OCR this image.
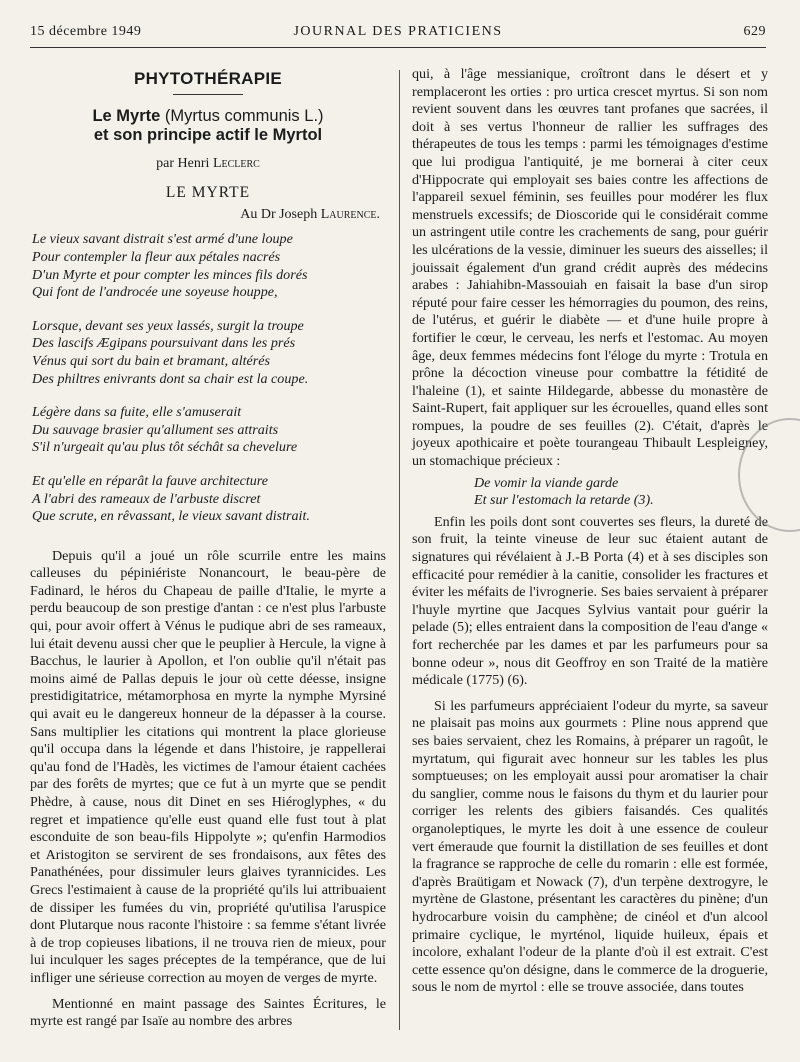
15 décembre 1949	JOURNAL DES PRATICIENS	629
PHYTOTHÉRAPIE
Le Myrte (Myrtus communis L.)
et son principe actif le Myrtol
par Henri Leclerc
LE MYRTE
Au Dr Joseph Laurence.
Le vieux savant distrait s'est armé d'une loupe
Pour contempler la fleur aux pétales nacrés
D'un Myrte et pour compter les minces fils dorés
Qui font de l'androcée une soyeuse houppe,
Lorsque, devant ses yeux lassés, surgit la troupe
Des lascifs Ægipans poursuivant dans les prés
Vénus qui sort du bain et bramant, altérés
Des philtres enivrants dont sa chair est la coupe.
Légère dans sa fuite, elle s'amuserait
Du sauvage brasier qu'allument ses attraits
S'il n'urgeait qu'au plus tôt séchât sa chevelure
Et qu'elle en réparât la fauve architecture
A l'abri des rameaux de l'arbuste discret
Que scrute, en rêvassant, le vieux savant distrait.

Depuis qu'il a joué un rôle scurrile entre les mains calleuses du pépiniériste Nonancourt, le beau-père de Fadinard, le héros du Chapeau de paille d'Italie, le myrte a perdu beaucoup de son prestige d'antan : ce n'est plus l'arbuste qui, pour avoir offert à Vénus le pudique abri de ses rameaux, lui était devenu aussi cher que le peuplier à Hercule, la vigne à Bacchus, le laurier à Apollon, et l'on oublie qu'il n'était pas moins aimé de Pallas depuis le jour où cette déesse, insigne prestidigitatrice, métamorphosa en myrte la nymphe Myrsiné qui avait eu le dangereux honneur de la dépasser à la course. Sans multiplier les citations qui montrent la place glorieuse qu'il occupa dans la légende et dans l'histoire, je rappellerai qu'au fond de l'Hadès, les victimes de l'amour étaient cachées par des forêts de myrtes; que ce fut à un myrte que se pendit Phèdre, à cause, nous dit Dinet en ses Hiéroglyphes, « du regret et impatience qu'elle eust quand elle fust tout à plat esconduite de son beau-fils Hippolyte »; qu'enfin Harmodios et Aristogiton se servirent de ses frondaisons, aux fêtes des Panathénées, pour dissimuler leurs glaives tyrannicides. Les Grecs l'estimaient à cause de la propriété qu'ils lui attribuaient de dissiper les fumées du vin, propriété qu'utilisa l'aruspice dont Plutarque nous raconte l'histoire : sa femme s'étant livrée à de trop copieuses libations, il ne trouva rien de mieux, pour lui inculquer les sages préceptes de la tempérance, que de lui infliger une sérieuse correction au moyen de verges de myrte.

Mentionné en maint passage des Saintes Écritures, le myrte est rangé par Isaïe au nombre des arbres

qui, à l'âge messianique, croîtront dans le désert et y remplaceront les orties : pro urtica crescet myrtus. Si son nom revient souvent dans les œuvres tant profanes que sacrées, il doit à ses vertus l'honneur de rallier les suffrages des thérapeutes de tous les temps : parmi les témoignages d'estime que lui prodigua l'antiquité, je me bornerai à citer ceux d'Hippocrate qui employait ses baies contre les affections de l'appareil sexuel féminin, ses feuilles pour modérer les flux menstruels excessifs; de Dioscoride qui le considérait comme un astringent utile contre les crachements de sang, pour guérir les ulcérations de la vessie, diminuer les sueurs des aisselles; il jouissait également d'un grand crédit auprès des médecins arabes : Jahiahibn-Massouiah en faisait la base d'un sirop réputé pour faire cesser les hémorragies du poumon, des reins, de l'utérus, et guérir le diabète — et d'une huile propre à fortifier le cœur, le cerveau, les nerfs et l'estomac. Au moyen âge, deux femmes médecins font l'éloge du myrte : Trotula en prône la décoction vineuse pour combattre la fétidité de l'haleine (1), et sainte Hildegarde, abbesse du monastère de Saint-Rupert, fait appliquer sur les écrouelles, quand elles sont rompues, la poudre de ses feuilles (2). C'était, d'après le joyeux apothicaire et poète tourangeau Thibault Lespleigney, un stomachique précieux :

De vomir la viande garde
Et sur l'estomach la retarde (3).

Enfin les poils dont sont couvertes ses fleurs, la dureté de son fruit, la teinte vineuse de leur suc étaient autant de signatures qui révélaient à J.-B Porta (4) et à ses disciples son efficacité pour remédier à la canitie, consolider les fractures et éviter les méfaits de l'ivrognerie. Ses baies servaient à préparer l'huyle myrtine que Jacques Sylvius vantait pour guérir la pelade (5); elles entraient dans la composition de l'eau d'ange « fort recherchée par les dames et par les parfumeurs pour sa bonne odeur », nous dit Geoffroy en son Traité de la matière médicale (1775) (6).

Si les parfumeurs appréciaient l'odeur du myrte, sa saveur ne plaisait pas moins aux gourmets : Pline nous apprend que ses baies servaient, chez les Romains, à préparer un ragoût, le myrtatum, qui figurait avec honneur sur les tables les plus somptueuses; on les employait aussi pour aromatiser la chair du sanglier, comme nous le faisons du thym et du laurier pour corriger les relents des gibiers faisandés. Ces qualités organoleptiques, le myrte les doit à une essence de couleur vert émeraude que fournit la distillation de ses feuilles et dont la fragrance se rapproche de celle du romarin : elle est formée, d'après Braütigam et Nowack (7), d'un terpène dextrogyre, le myrtène de Glastone, présentant les caractères du pinène; d'un hydrocarbure voisin du camphène; de cinéol et d'un alcool primaire cyclique, le myrténol, liquide huileux, épais et incolore, exhalant l'odeur de la plante d'où il est extrait. C'est cette essence qu'on désigne, dans le commerce de la droguerie, sous le nom de myrtol : elle se trouve associée, dans toutes
